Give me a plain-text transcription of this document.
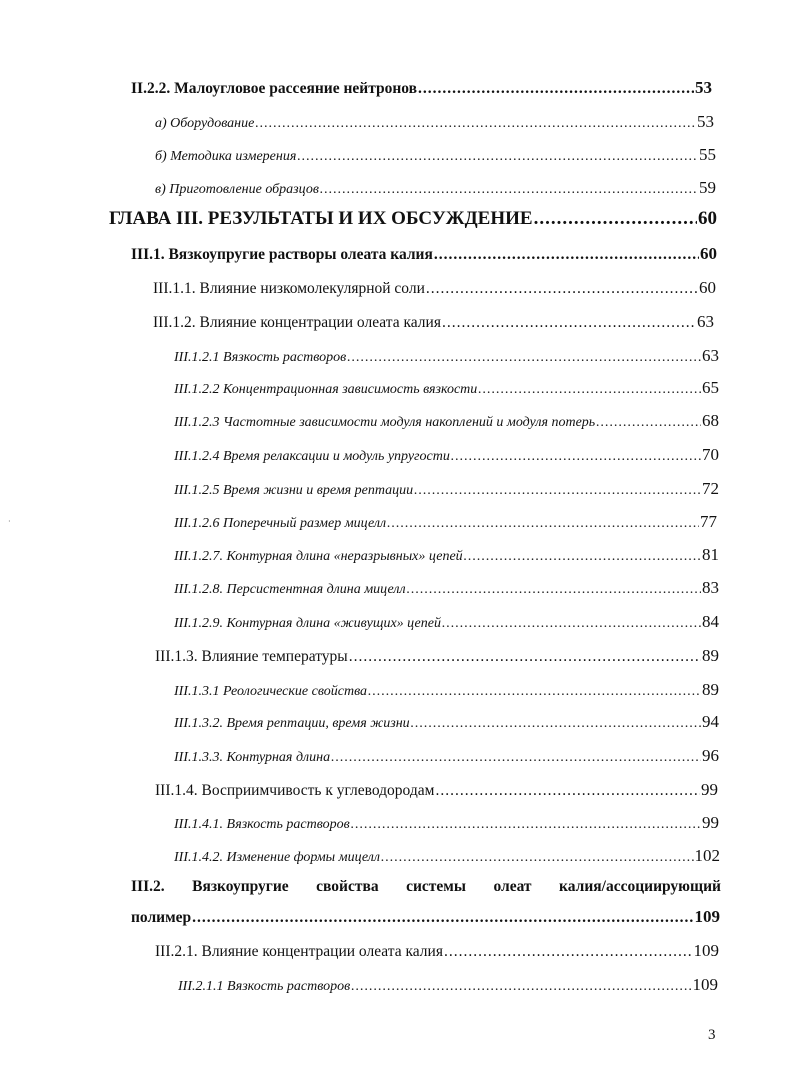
II.2.2. Малоугловое рассеяние нейтронов .....	53
а) Оборудование .....	53
б) Методика измерения .....	55
в) Приготовление образцов .....	59
ГЛАВА III. РЕЗУЛЬТАТЫ И ИХ ОБСУЖДЕНИЕ .....	60
III.1. Вязкоупругие растворы олеата калия .....	60
III.1.1. Влияние низкомолекулярной соли .....	60
III.1.2. Влияние концентрации олеата калия .....	63
III.1.2.1 Вязкость растворов .....	63
III.1.2.2 Концентрационная зависимость вязкости .....	65
III.1.2.3 Частотные зависимости модуля накоплений и модуля потерь .....	68
III.1.2.4 Время релаксации и модуль упругости .....	70
III.1.2.5 Время жизни и время рептации .....	72
III.1.2.6 Поперечный размер мицелл .....	77
III.1.2.7. Контурная длина «неразрывных» цепей .....	81
III.1.2.8. Персистентная длина мицелл .....	83
III.1.2.9. Контурная длина «живущих» цепей .....	84
III.1.3. Влияние температуры .....	89
III.1.3.1 Реологические свойства .....	89
III.1.3.2. Время рептации, время жизни .....	94
III.1.3.3. Контурная длина .....	96
III.1.4. Восприимчивость к углеводородам .....	99
III.1.4.1. Вязкость растворов .....	99
III.1.4.2. Изменение формы мицелл .....	102
III.2. Вязкоупругие свойства системы олеат калия/ассоциирующий
полимер .....	109
III.2.1. Влияние концентрации олеата калия .....	109
III.2.1.1 Вязкость растворов .....	109
·
3
